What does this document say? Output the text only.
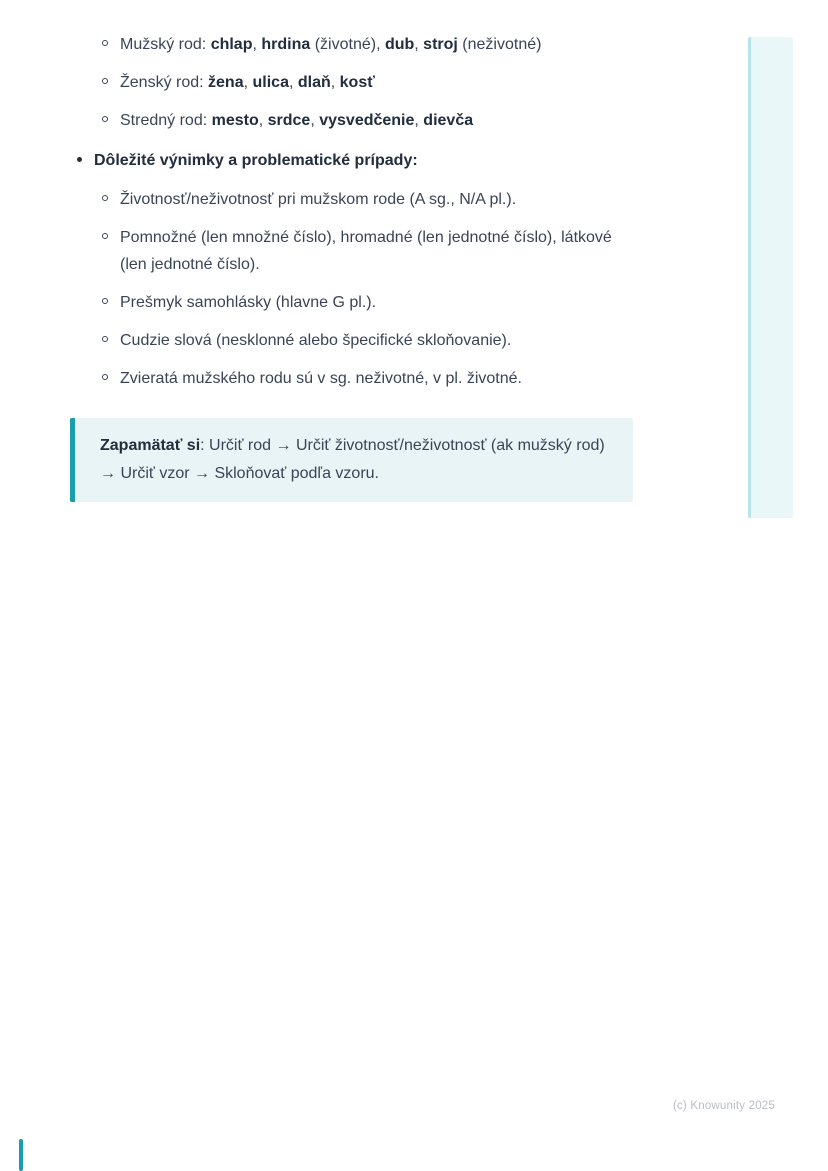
Mužský rod: chlap, hrdina (životné), dub, stroj (neživotné)
Ženský rod: žena, ulica, dlaň, kosť
Stredný rod: mesto, srdce, vysvedčenie, dievča
Dôležité výnimky a problematické prípady:
Životnosť/neživotnosť pri mužskom rode (A sg., N/A pl.).
Pomnožné (len množné číslo), hromadné (len jednotné číslo), látkové (len jednotné číslo).
Prešmyk samohlásky (hlavne G pl.).
Cudzie slová (nesklonné alebo špecifické skloňovanie).
Zvieratá mužského rodu sú v sg. neživotné, v pl. životné.
Zapamätať si: Určiť rod → Určiť životnosť/neživotnosť (ak mužský rod) → Určiť vzor → Skloňovať podľa vzoru.
(c) Knowunity 2025
